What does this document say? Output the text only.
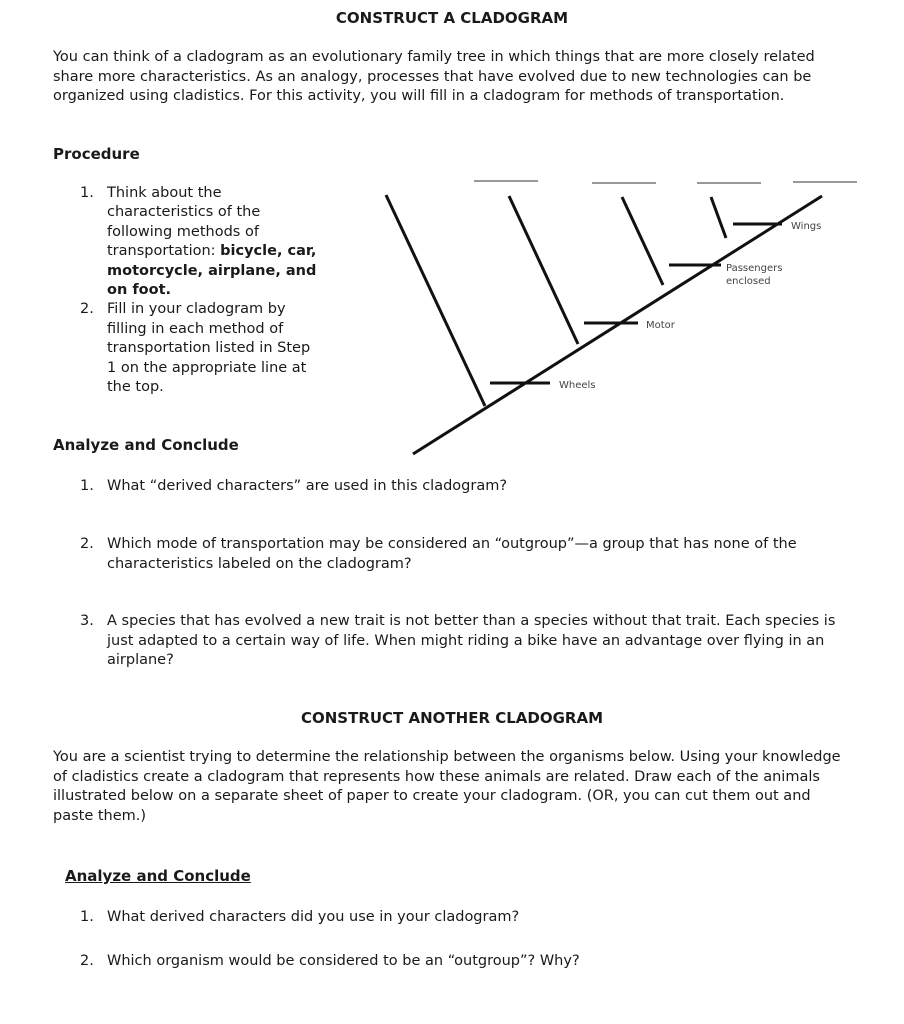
CONSTRUCT A CLADOGRAM
You can think of a cladogram as an evolutionary family tree in which things that are more closely related share more characteristics. As an analogy, processes that have evolved due to new technologies can be organized using cladistics. For this activity, you will fill in a cladogram for methods of transportation.
Procedure
1. Think about the characteristics of the following methods of transportation: bicycle, car, motorcycle, airplane, and on foot.
2. Fill in your cladogram by filling in each method of transportation listed in Step 1 on the appropriate line at the top.	Wheels
Motor
Passengers enclosed
Wings
Analyze and Conclude
1. What “derived characters” are used in this cladogram?
2. Which mode of transportation may be considered an “outgroup”—a group that has none of the characteristics labeled on the cladogram?
3. A species that has evolved a new trait is not better than a species without that trait. Each species is just adapted to a certain way of life. When might riding a bike have an advantage over flying in an airplane?
CONSTRUCT ANOTHER CLADOGRAM
You are a scientist trying to determine the relationship between the organisms below. Using your knowledge of cladistics create a cladogram that represents how these animals are related. Draw each of the animals illustrated below on a separate sheet of paper to create your cladogram. (OR, you can cut them out and paste them.)
Analyze and Conclude
1. What derived characters did you use in your cladogram?
2. Which organism would be considered to be an “outgroup”? Why?
